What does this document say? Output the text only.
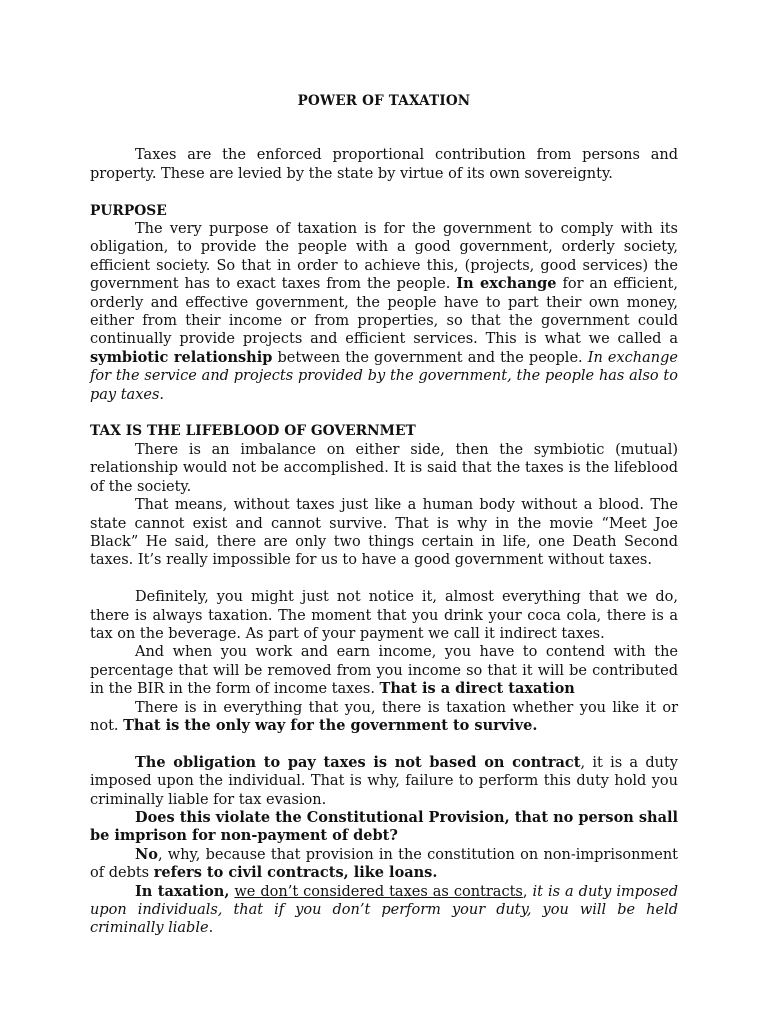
POWER OF TAXATION

Taxes are the enforced proportional contribution from persons and property. These are levied by the state by virtue of its own sovereignty.

PURPOSE

The very purpose of taxation is for the government to comply with its obligation, to provide the people with a good government, orderly society, efficient society. So that in order to achieve this, (projects, good services) the government has to exact taxes from the people. In exchange for an efficient, orderly and effective government, the people have to part their own money, either from their income or from properties, so that the government could continually provide projects and efficient services. This is what we called a symbiotic relationship between the government and the people. In exchange for the service and projects provided by the government, the people has also to pay taxes.

TAX IS THE LIFEBLOOD OF GOVERNMET

There is an imbalance on either side, then the symbiotic (mutual) relationship would not be accomplished. It is said that the taxes is the lifeblood of the society.

That means, without taxes just like a human body without a blood. The state cannot exist and cannot survive. That is why in the movie “Meet Joe Black” He said, there are only two things certain in life, one Death Second taxes. It’s really impossible for us to have a good government without taxes.

Definitely, you might just not notice it, almost everything that we do, there is always taxation. The moment that you drink your coca cola, there is a tax on the beverage. As part of your payment we call it indirect taxes.

And when you work and earn income, you have to contend with the percentage that will be removed from you income so that it will be contributed in the BIR in the form of income taxes. That is a direct taxation

There is in everything that you, there is taxation whether you like it or not. That is the only way for the government to survive.

The obligation to pay taxes is not based on contract, it is a duty imposed upon the individual. That is why, failure to perform this duty hold you criminally liable for tax evasion.

Does this violate the Constitutional Provision, that no person shall be imprison for non-payment of debt?

No, why, because that provision in the constitution on non-imprisonment of debts refers to civil contracts, like loans.

In taxation, we don’t considered taxes as contracts, it is a duty imposed upon individuals, that if you don’t perform your duty, you will be held criminally liable.
